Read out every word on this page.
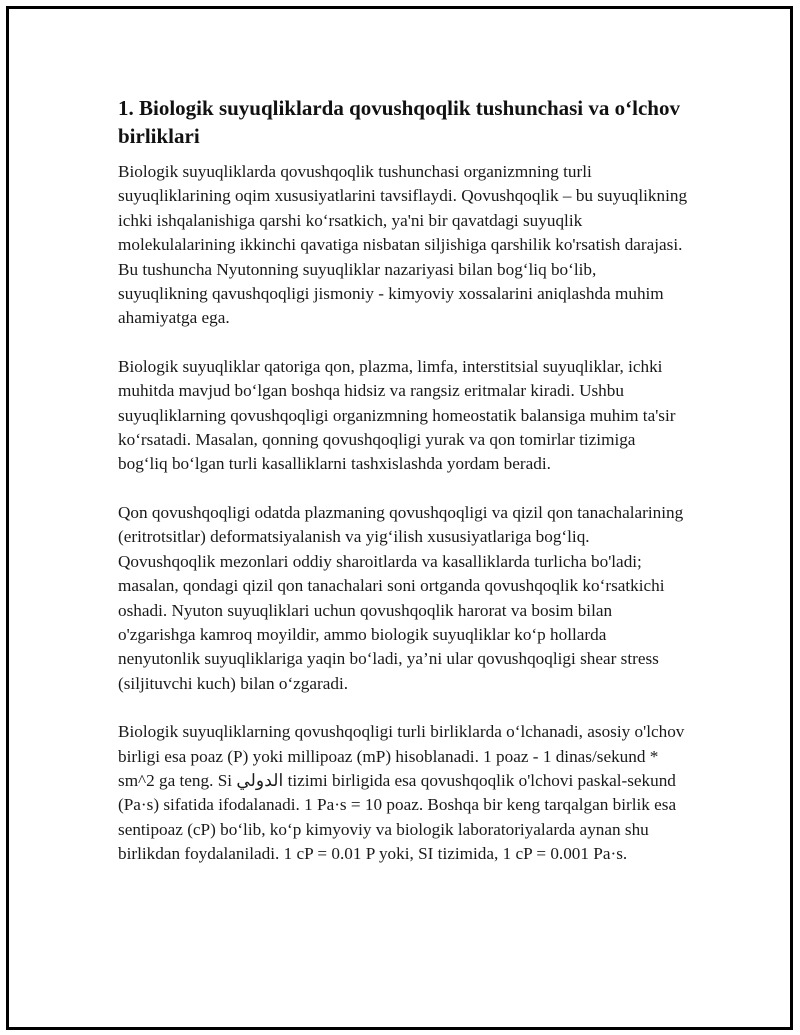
1. Biologik suyuqliklarda qovushqoqlik tushunchasi va o‘lchov birliklari

Biologik suyuqliklarda qovushqoqlik tushunchasi organizmning turli suyuqliklarining oqim xususiyatlarini tavsiflaydi. Qovushqoqlik – bu suyuqlikning ichki ishqalanishiga qarshi ko‘rsatkich, ya'ni bir qavatdagi suyuqlik molekulalarining ikkinchi qavatiga nisbatan siljishiga qarshilik ko'rsatish darajasi. Bu tushuncha Nyutonning suyuqliklar nazariyasi bilan bog‘liq bo‘lib, suyuqlikning qavushqoqligi jismoniy - kimyoviy xossalarini aniqlashda muhim ahamiyatga ega.

Biologik suyuqliklar qatoriga qon, plazma, limfa, interstitsial suyuqliklar, ichki muhitda mavjud bo‘lgan boshqa hidsiz va rangsiz eritmalar kiradi. Ushbu suyuqliklarning qovushqoqligi organizmning homeostatik balansiga muhim ta'sir ko‘rsatadi. Masalan, qonning qovushqoqligi yurak va qon tomirlar tizimiga bog‘liq bo‘lgan turli kasalliklarni tashxislashda yordam beradi.

Qon qovushqoqligi odatda plazmaning qovushqoqligi va qizil qon tanachalarining (eritrotsitlar) deformatsiyalanish va yig‘ilish xususiyatlariga bog‘liq. Qovushqoqlik mezonlari oddiy sharoitlarda va kasalliklarda turlicha bo'ladi; masalan, qondagi qizil qon tanachalari soni ortganda qovushqoqlik ko‘rsatkichi oshadi. Nyuton suyuqliklari uchun qovushqoqlik harorat va bosim bilan o'zgarishga kamroq moyildir, ammo biologik suyuqliklar ko‘p hollarda nenyutonlik suyuqliklariga yaqin bo‘ladi, ya’ni ular qovushqoqligi shear stress (siljituvchi kuch) bilan o‘zgaradi.

Biologik suyuqliklarning qovushqoqligi turli birliklarda o‘lchanadi, asosiy o'lchov birligi esa poaz (P) yoki millipoaz (mP) hisoblanadi. 1 poaz - 1 dinas/sekund * sm^2 ga teng. Si الدولي tizimi birligida esa qovushqoqlik o'lchovi paskal-sekund (Pa·s) sifatida ifodalanadi. 1 Pa·s = 10 poaz. Boshqa bir keng tarqalgan birlik esa sentipoaz (cP) bo‘lib, ko‘p kimyoviy va biologik laboratoriyalarda aynan shu birlikdan foydalaniladi. 1 cP = 0.01 P yoki, SI tizimida, 1 cP = 0.001 Pa·s.
